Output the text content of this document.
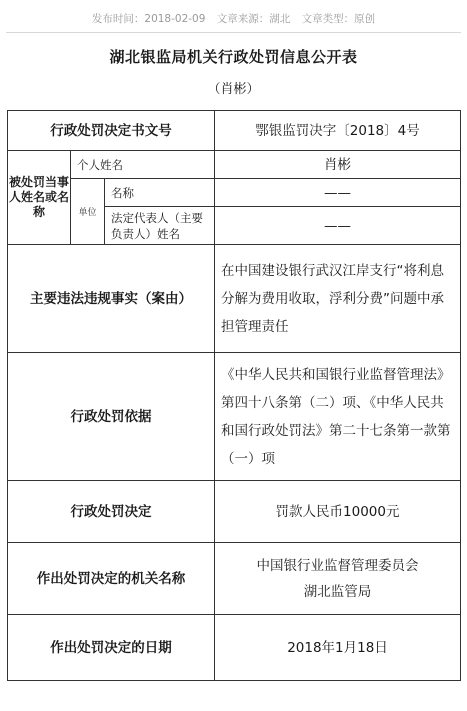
发布时间：2018-02-09 文章来源：湖北 文章类型：原创
湖北银监局机关行政处罚信息公开表
（肖彬）
行政处罚决定书文号			鄂银监罚决字〔2018〕4号
被处罚当事人姓名或名称	个人姓名		肖彬
	单位	名称	——
		法定代表人（主要负责人）姓名	——
主要违法违规事实（案由）			在中国建设银行武汉江岸支行“将利息分解为费用收取，浮利分费”问题中承担管理责任
行政处罚依据			《中华人民共和国银行业监督管理法》第四十八条第（二）项、《中华人民共和国行政处罚法》第二十七条第一款第（一）项
行政处罚决定			罚款人民币10000元
作出处罚决定的机关名称			中国银行业监督管理委员会
湖北监管局

作出处罚决定的日期			2018年1月18日
